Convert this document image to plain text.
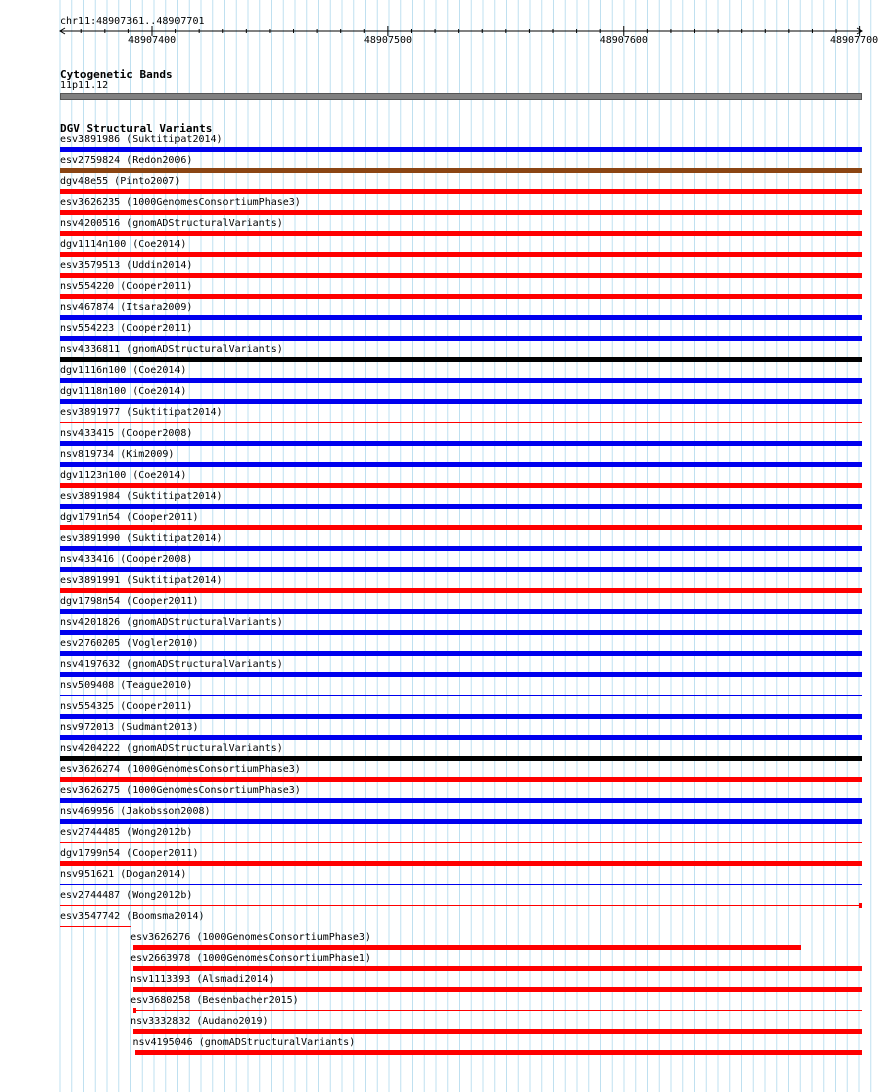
chr11:48907361..48907701
48907400	48907500	48907600	48907700
Cytogenetic Bands
11p11.12
DGV Structural Variants
esv3891986 (Suktitipat2014)
esv2759824 (Redon2006)
dgv48e55 (Pinto2007)
esv3626235 (1000GenomesConsortiumPhase3)
nsv4200516 (gnomADStructuralVariants)
dgv1114n100 (Coe2014)
esv3579513 (Uddin2014)
nsv554220 (Cooper2011)
nsv467874 (Itsara2009)
nsv554223 (Cooper2011)
nsv4336811 (gnomADStructuralVariants)
dgv1116n100 (Coe2014)
dgv1118n100 (Coe2014)
esv3891977 (Suktitipat2014)
nsv433415 (Cooper2008)
nsv819734 (Kim2009)
dgv1123n100 (Coe2014)
esv3891984 (Suktitipat2014)
dgv1791n54 (Cooper2011)
esv3891990 (Suktitipat2014)
nsv433416 (Cooper2008)
esv3891991 (Suktitipat2014)
dgv1798n54 (Cooper2011)
nsv4201826 (gnomADStructuralVariants)
esv2760205 (Vogler2010)
nsv4197632 (gnomADStructuralVariants)
nsv509408 (Teague2010)
nsv554325 (Cooper2011)
nsv972013 (Sudmant2013)
nsv4204222 (gnomADStructuralVariants)
esv3626274 (1000GenomesConsortiumPhase3)
esv3626275 (1000GenomesConsortiumPhase3)
nsv469956 (Jakobsson2008)
esv2744485 (Wong2012b)
dgv1799n54 (Cooper2011)
nsv951621 (Dogan2014)
esv2744487 (Wong2012b)
esv3547742 (Boomsma2014)
esv3626276 (1000GenomesConsortiumPhase3)
esv2663978 (1000GenomesConsortiumPhase1)
nsv1113393 (Alsmadi2014)
esv3680258 (Besenbacher2015)
nsv3332832 (Audano2019)
nsv4195046 (gnomADStructuralVariants)
